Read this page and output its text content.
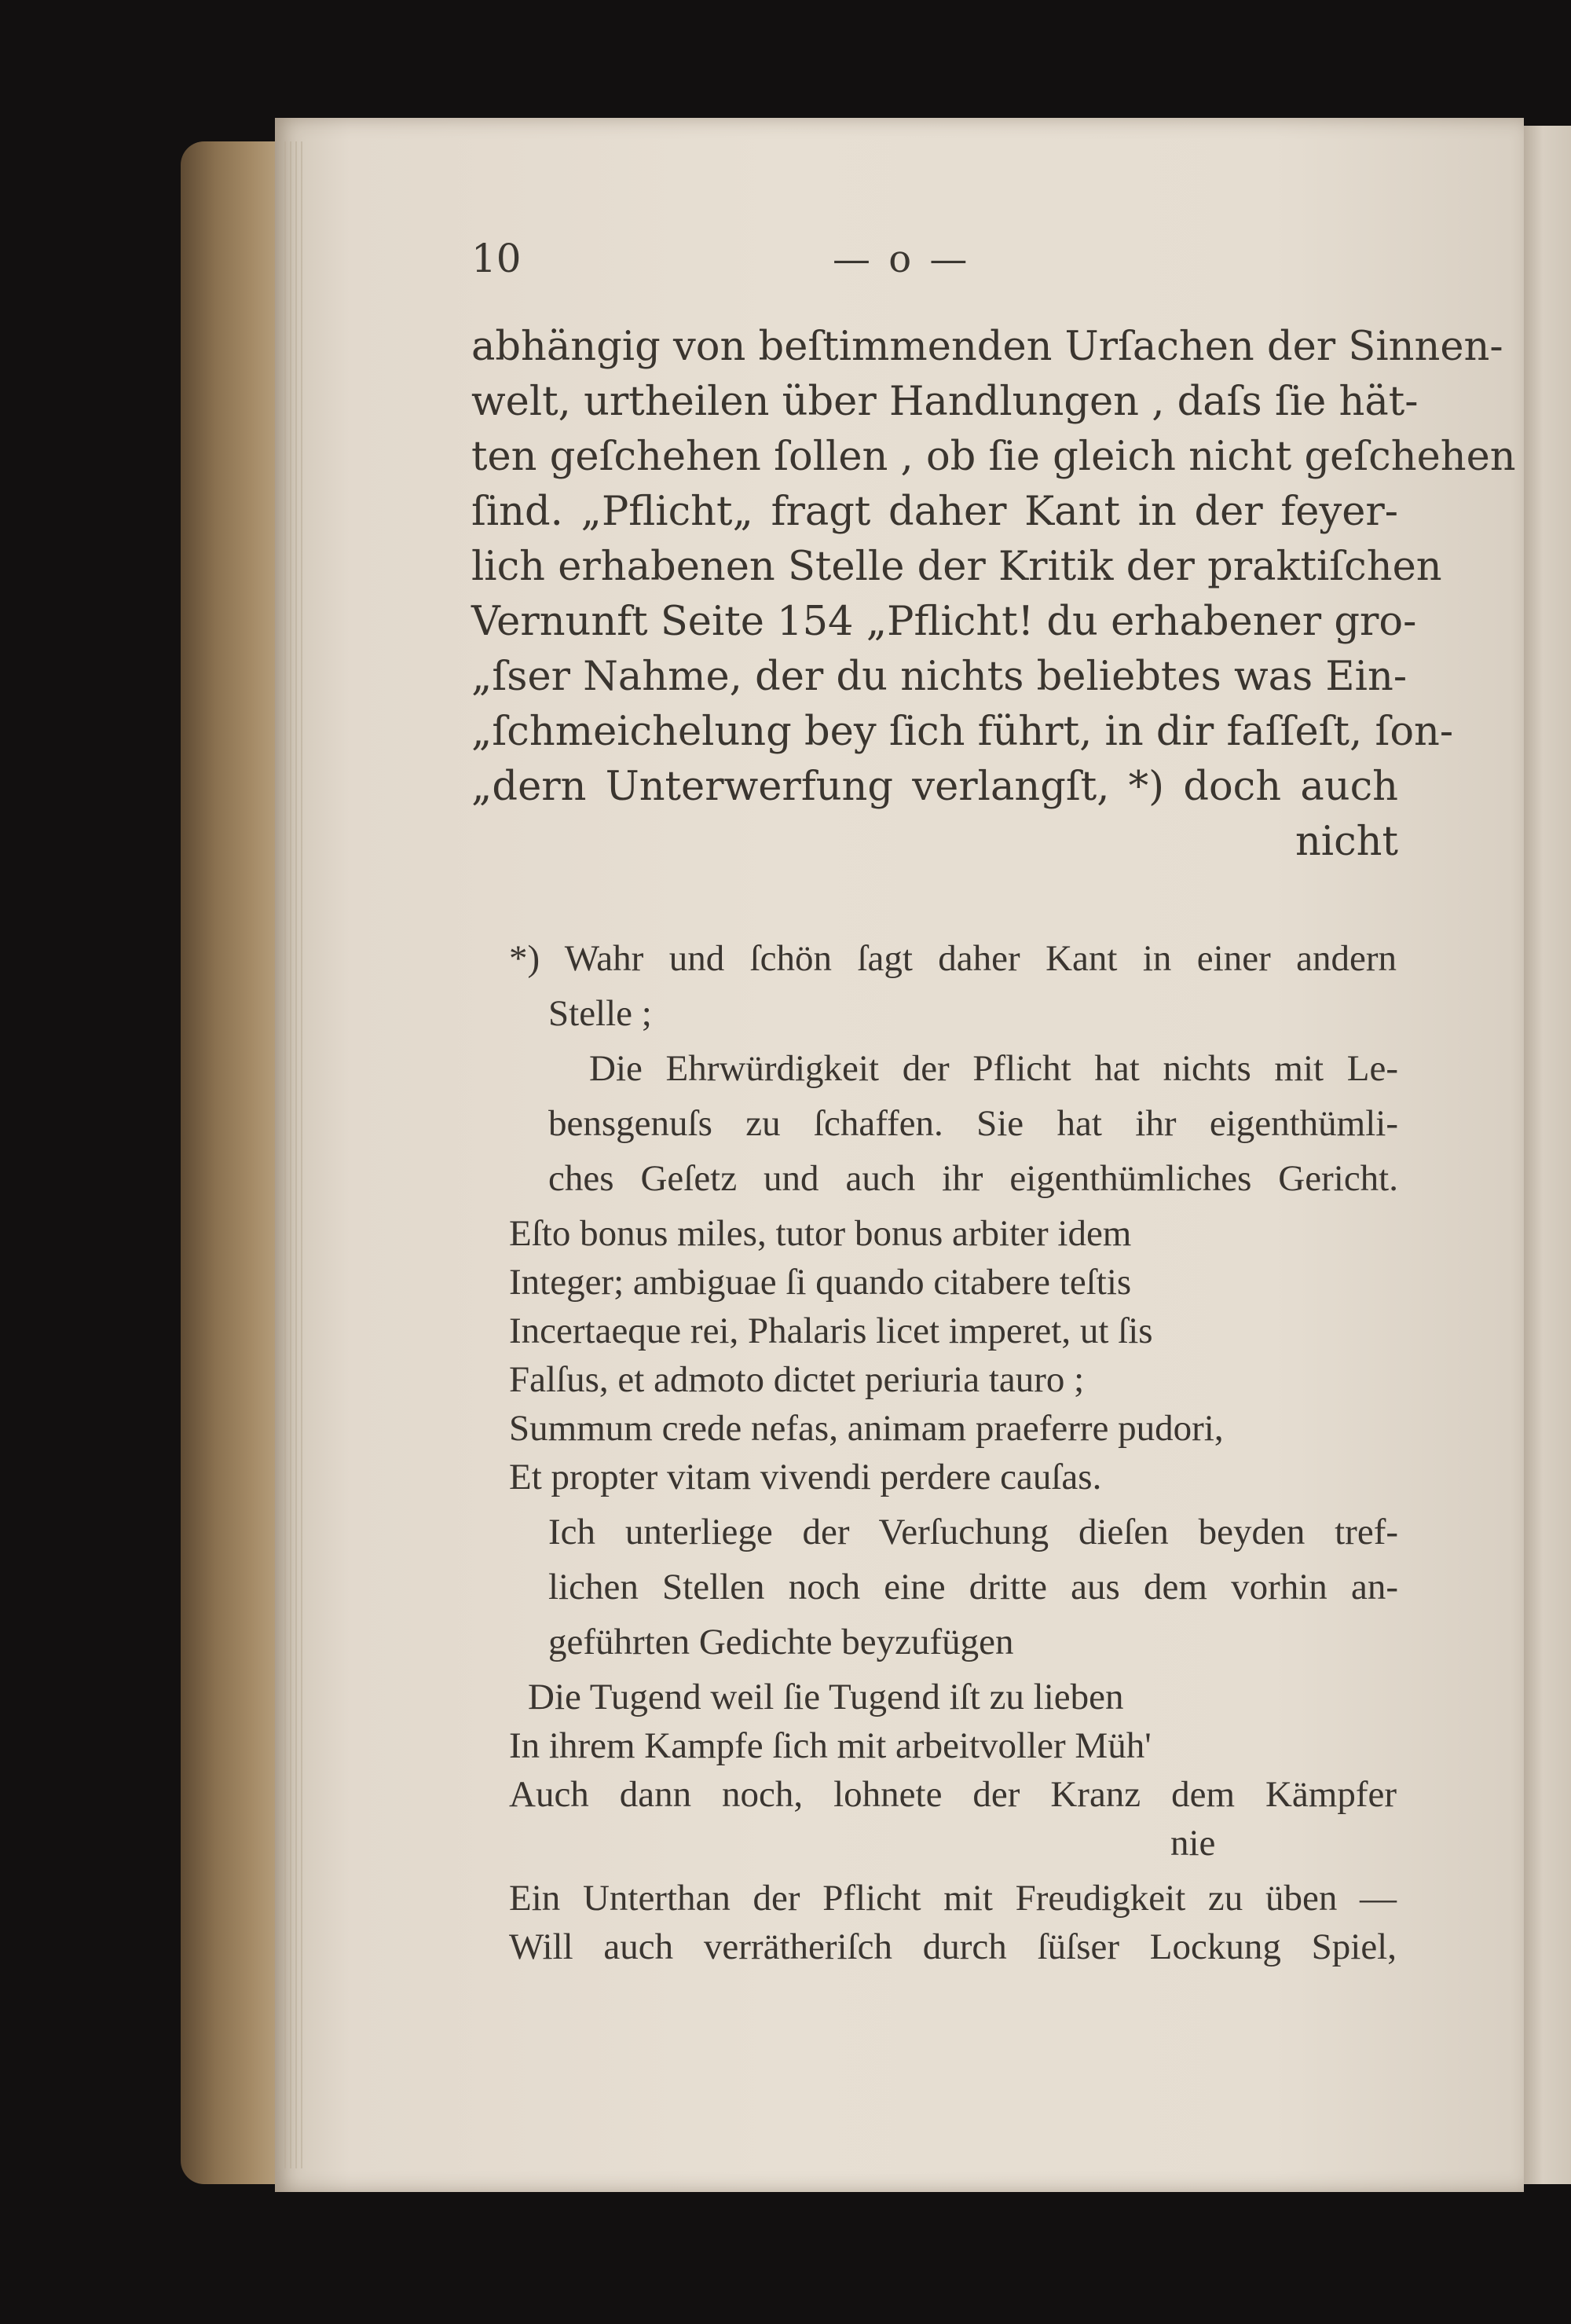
10	— o —

abhängig von beſtimmenden Urſachen der Sinnen-

welt, urtheilen über Handlungen , daſs ſie hät-

ten geſchehen ſollen , ob ſie gleich nicht geſchehen

ſind. „Pflicht„ fragt daher Kant in der feyer-

lich erhabenen Stelle der Kritik der praktiſchen

Vernunft Seite 154 „Pflicht! du erhabener gro-

„ſser Nahme, der du nichts beliebtes was Ein-

„ſchmeichelung bey ſich führt, in dir faſſeſt, ſon-

„dern Unterwerfung verlangſt, *) doch auch

nicht

*) Wahr und ſchön ſagt daher Kant in einer andern

Stelle ;

Die Ehrwürdigkeit der Pflicht hat nichts mit Le-

bensgenuſs zu ſchaffen. Sie hat ihr eigenthümli-

ches Geſetz und auch ihr eigenthümliches Gericht.

Eſto bonus miles, tutor bonus arbiter idem

Integer; ambiguae ſi quando citabere teſtis

Incertaeque rei, Phalaris licet imperet, ut ſis

Falſus, et admoto dictet periuria tauro ;

Summum crede nefas, animam praeferre pudori,

Et propter vitam vivendi perdere cauſas.

Ich unterliege der Verſuchung dieſen beyden tref-

lichen Stellen noch eine dritte aus dem vorhin an-

geführten Gedichte beyzufügen

Die Tugend weil ſie Tugend iſt zu lieben

In ihrem Kampfe ſich mit arbeitvoller Müh'

Auch dann noch, lohnete der Kranz dem Kämpfer

nie

Ein Unterthan der Pflicht mit Freudigkeit zu üben —

Will auch verrätheriſch durch ſüſser Lockung Spiel,
